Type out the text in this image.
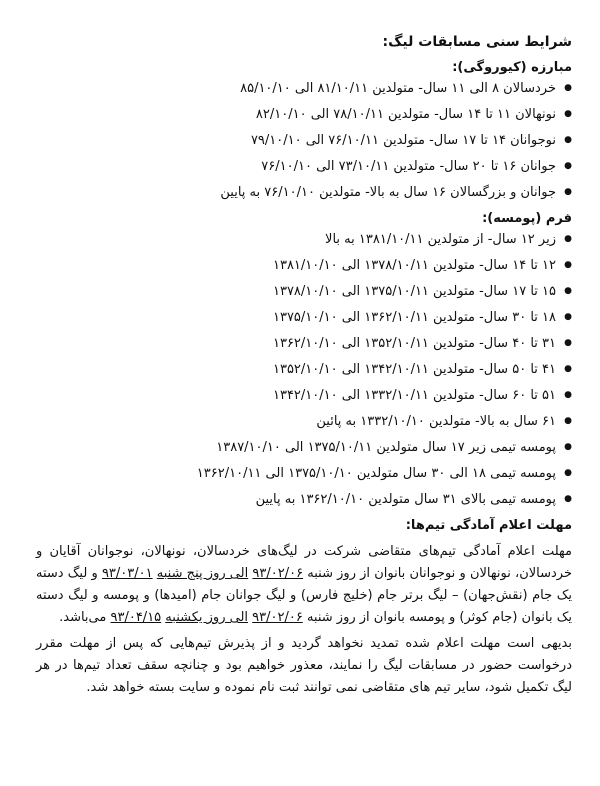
شرایط سنی مسابقات لیگ:
مبارزه (کیوروگی):
● خردسالان ۸ الی ۱۱ سال- متولدین ۸۱/۱۰/۱۱ الی ۸۵/۱۰/۱۰
● نونهالان ۱۱ تا ۱۴ سال- متولدین ۷۸/۱۰/۱۱ الی ۸۲/۱۰/۱۰
● نوجوانان ۱۴ تا ۱۷ سال- متولدین ۷۶/۱۰/۱۱ الی ۷۹/۱۰/۱۰
● جوانان ۱۶ تا ۲۰ سال- متولدین ۷۳/۱۰/۱۱ الی ۷۶/۱۰/۱۰
● جوانان و بزرگسالان ۱۶ سال به بالا- متولدین ۷۶/۱۰/۱۰ به پایین
فرم (پومسه):
● زیر ۱۲ سال- از متولدین ۱۳۸۱/۱۰/۱۱ به بالا
● ۱۲ تا ۱۴ سال- متولدین ۱۳۷۸/۱۰/۱۱ الی ۱۳۸۱/۱۰/۱۰
● ۱۵ تا ۱۷ سال- متولدین ۱۳۷۵/۱۰/۱۱ الی ۱۳۷۸/۱۰/۱۰
● ۱۸ تا ۳۰ سال- متولدین ۱۳۶۲/۱۰/۱۱ الی ۱۳۷۵/۱۰/۱۰
● ۳۱ تا ۴۰ سال- متولدین ۱۳۵۲/۱۰/۱۱ الی ۱۳۶۲/۱۰/۱۰
● ۴۱ تا ۵۰ سال- متولدین ۱۳۴۲/۱۰/۱۱ الی ۱۳۵۲/۱۰/۱۰
● ۵۱ تا ۶۰ سال- متولدین ۱۳۳۲/۱۰/۱۱ الی ۱۳۴۲/۱۰/۱۰
● ۶۱ سال به بالا- متولدین ۱۳۳۲/۱۰/۱۰ به پائین
● پومسه تیمی زیر ۱۷ سال متولدین ۱۳۷۵/۱۰/۱۱ الی ۱۳۸۷/۱۰/۱۰
● پومسه تیمی ۱۸ الی ۳۰ سال متولدین ۱۳۷۵/۱۰/۱۰ الی ۱۳۶۲/۱۰/۱۱
● پومسه تیمی بالای ۳۱ سال متولدین ۱۳۶۲/۱۰/۱۰ به پایین
مهلت اعلام آمادگی تیم‌ها:

مهلت اعلام آمادگی تیم‌های متقاضی شرکت در لیگ‌های خردسالان، نونهالان، نوجوانان آقایان و خردسالان، نونهالان و نوجوانان بانوان از روز شنبه ۹۳/۰۲/۰۶ الی روز پنج شنبه ۹۳/۰۳/۰۱ و لیگ دسته یک جام (نقش‌جهان) – لیگ برتر جام (خلیج فارس) و لیگ جوانان جام (امیدها) و پومسه و لیگ دسته یک بانوان (جام کوثر) و پومسه بانوان از روز شنبه ۹۳/۰۲/۰۶ الی روز یکشنبه ۹۳/۰۴/۱۵ می‌باشد.

بدیهی است مهلت اعلام شده تمدید نخواهد گردید و از پذیرش تیم‌هایی که پس از مهلت مقرر درخواست حضور در مسابقات لیگ را نمایند، معذور خواهیم بود و چنانچه سقف تعداد تیم‌ها در هر لیگ تکمیل شود، سایر تیم های متقاضی نمی توانند ثبت نام نموده و سایت بسته خواهد شد.
